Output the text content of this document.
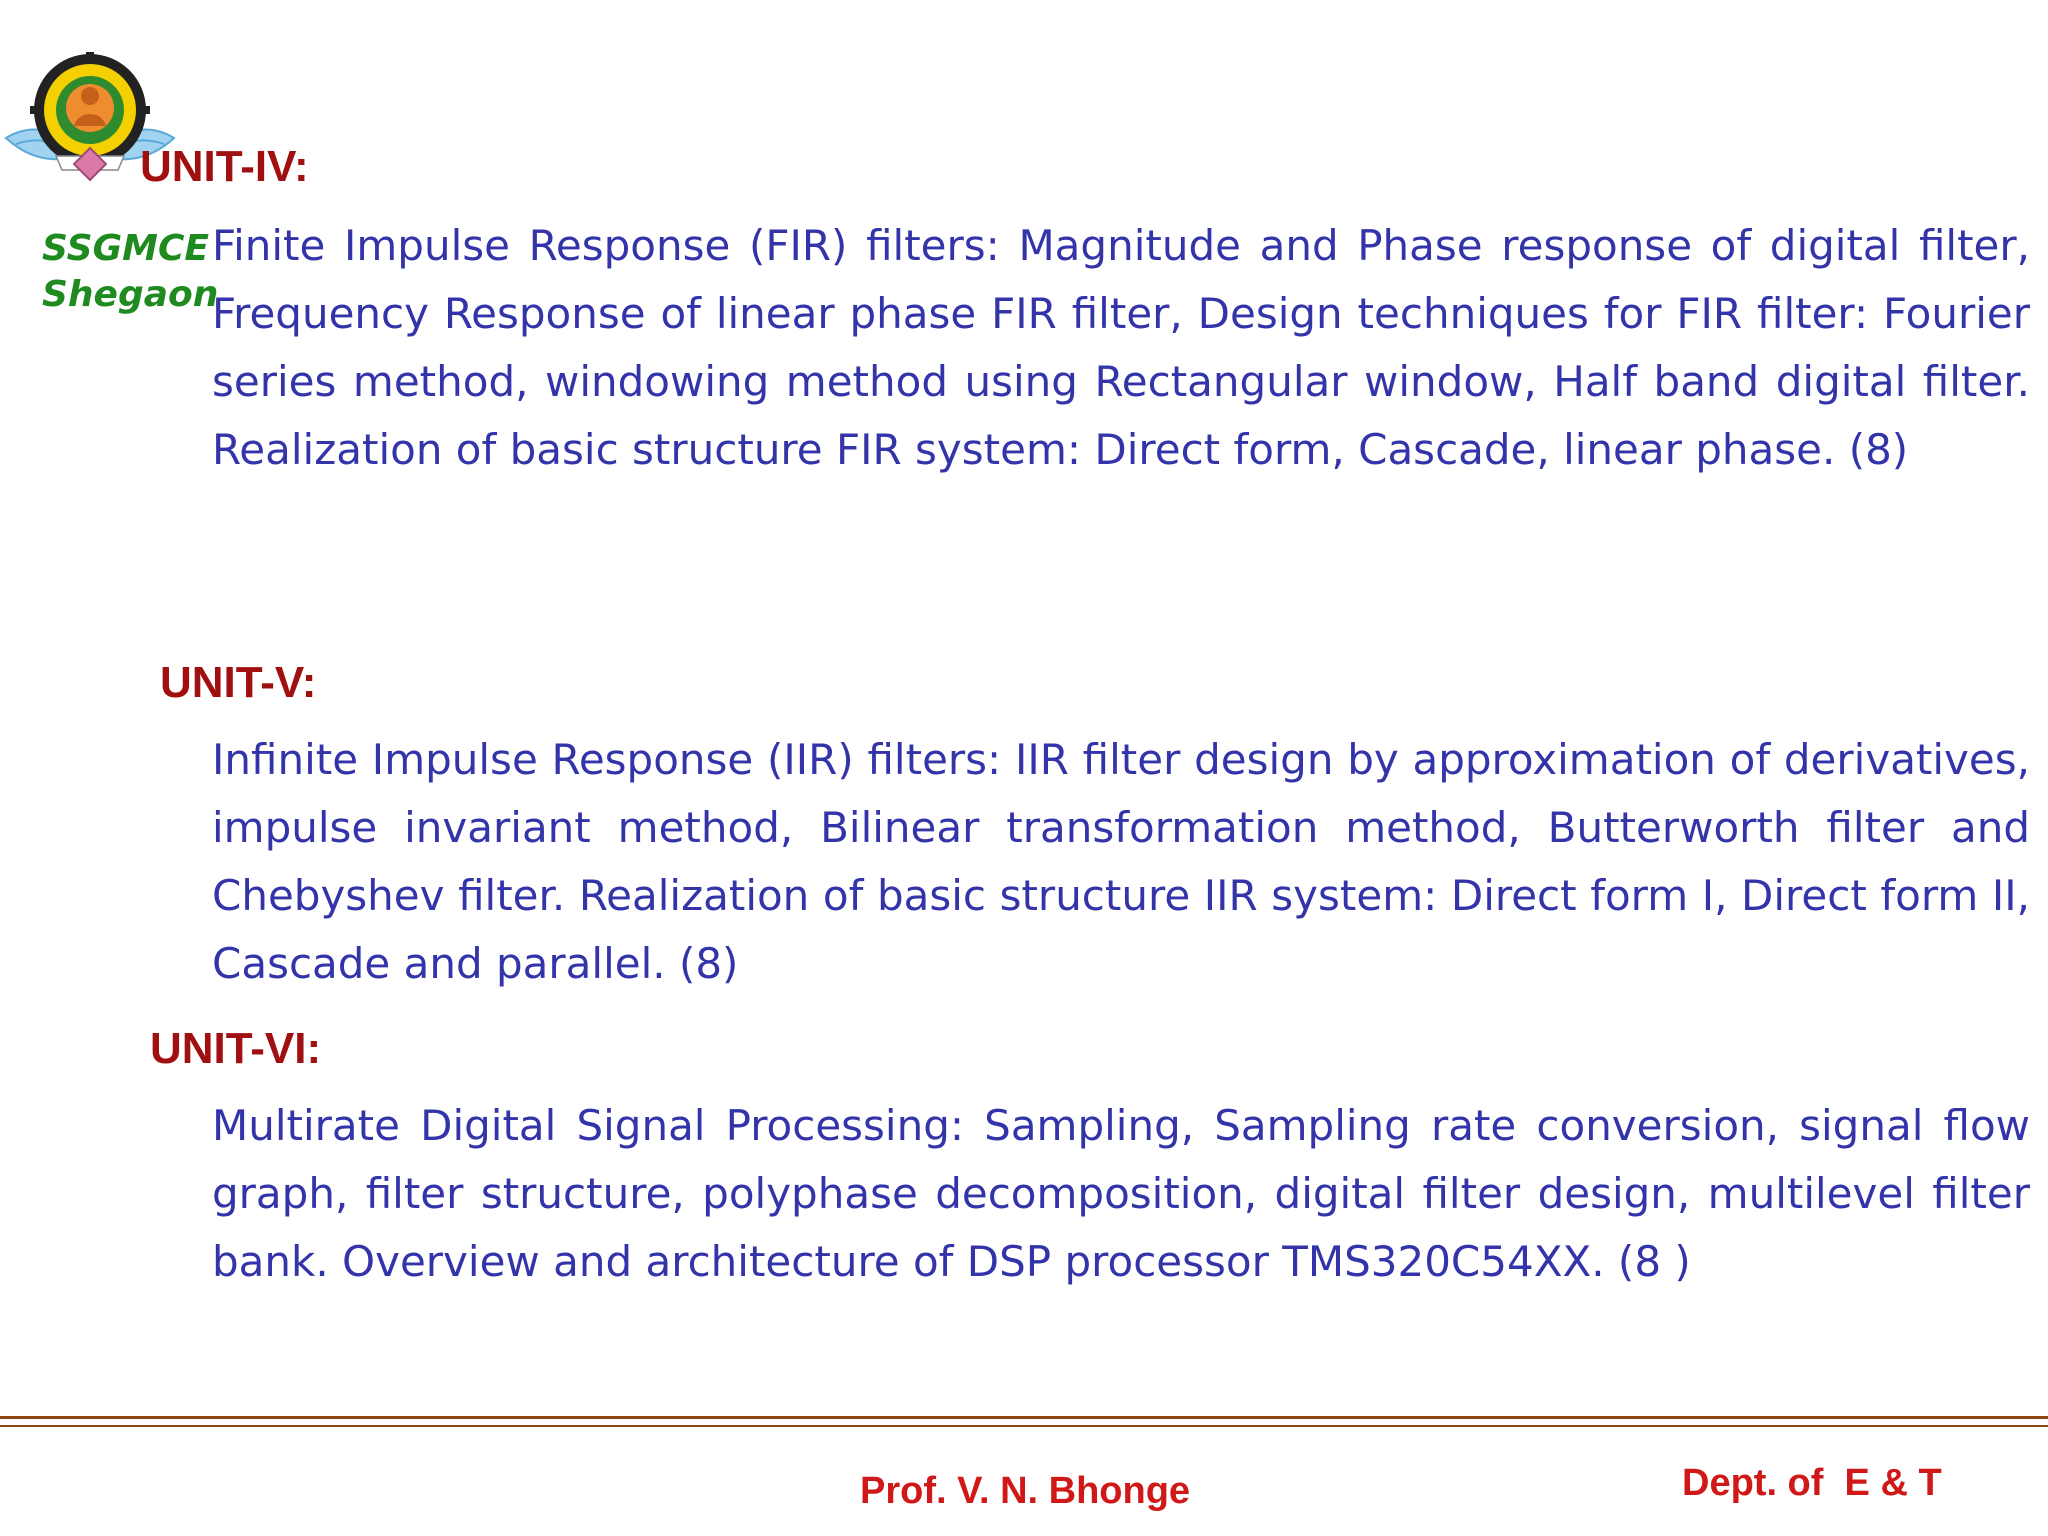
SSGMCE
Shegaon
UNIT-IV:

Finite Impulse Response (FIR) filters: Magnitude and Phase response of digital filter, Frequency Response of linear phase FIR filter, Design techniques for FIR filter: Fourier series method, windowing method using Rectangular window, Half band digital filter. Realization of basic structure FIR system: Direct form, Cascade, linear phase. (8)

UNIT-V:

Infinite Impulse Response (IIR) filters: IIR filter design by approximation of derivatives, impulse invariant method, Bilinear transformation method, Butterworth filter and Chebyshev filter. Realization of basic structure IIR system: Direct form I, Direct form II, Cascade and parallel. (8)

UNIT-VI:

Multirate Digital Signal Processing: Sampling, Sampling rate conversion, signal flow graph, filter structure, polyphase decomposition, digital filter design, multilevel filter bank. Overview and architecture of DSP processor TMS320C54XX. (8 )

Prof. V. N. Bhonge	Dept. of  E & T
